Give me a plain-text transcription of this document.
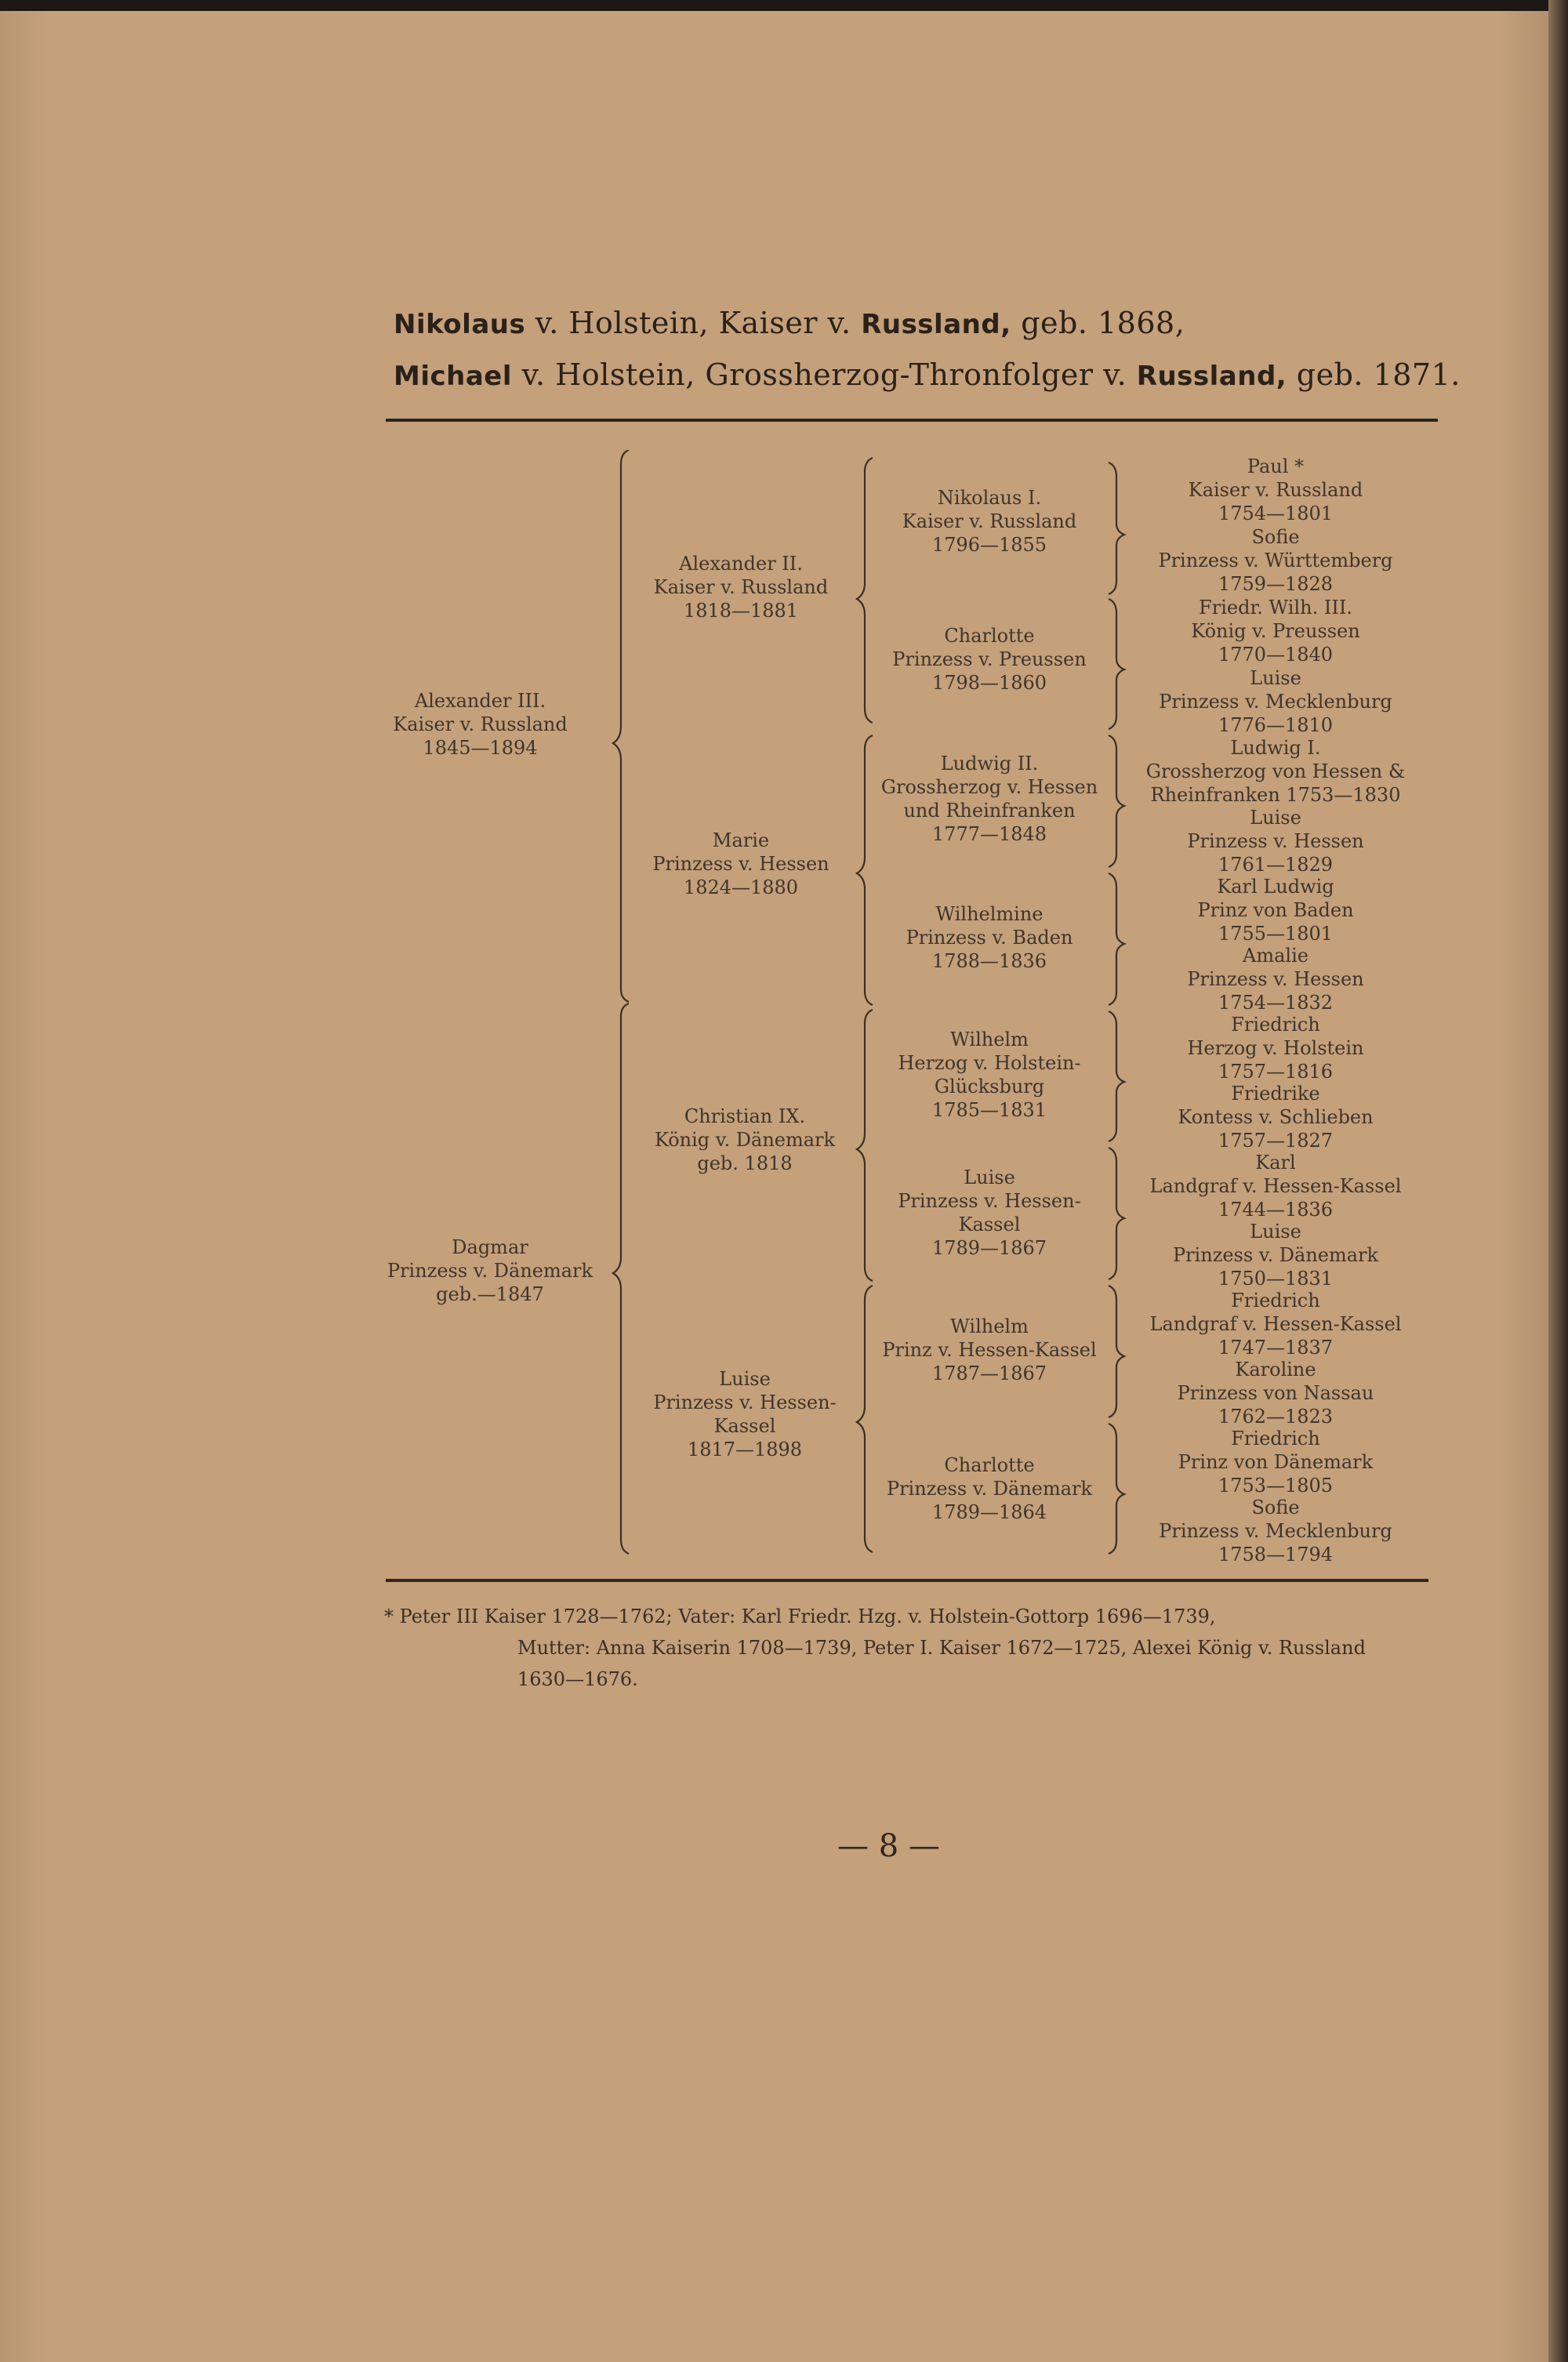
Nikolaus v. Holstein, Kaiser v. Russland, geb. 1868,
Michael v. Holstein, Grossherzog-Thronfolger v. Russland, geb. 1871.
Alexander III.
Kaiser v. Russland
1845—1894
Dagmar
Prinzess v. Dänemark
geb.—1847
Alexander II.
Kaiser v. Russland
1818—1881
Marie
Prinzess v. Hessen
1824—1880
Christian IX.
König v. Dänemark
geb. 1818
Luise
Prinzess v. Hessen-
Kassel
1817—1898
Nikolaus I.
Kaiser v. Russland
1796—1855
Charlotte
Prinzess v. Preussen
1798—1860
Ludwig II.
Grossherzog v. Hessen
und Rheinfranken
1777—1848
Wilhelmine
Prinzess v. Baden
1788—1836
Wilhelm
Herzog v. Holstein-
Glücksburg
1785—1831
Luise
Prinzess v. Hessen-
Kassel
1789—1867
Wilhelm
Prinz v. Hessen-Kassel
1787—1867
Charlotte
Prinzess v. Dänemark
1789—1864
Paul *
Kaiser v. Russland
1754—1801
Sofie
Prinzess v. Württemberg
1759—1828
Friedr. Wilh. III.
König v. Preussen
1770—1840
Luise
Prinzess v. Mecklenburg
1776—1810
Ludwig I.
Grossherzog von Hessen &
Rheinfranken 1753—1830
Luise
Prinzess v. Hessen
1761—1829
Karl Ludwig
Prinz von Baden
1755—1801
Amalie
Prinzess v. Hessen
1754—1832
Friedrich
Herzog v. Holstein
1757—1816
Friedrike
Kontess v. Schlieben
1757—1827
Karl
Landgraf v. Hessen-Kassel
1744—1836
Luise
Prinzess v. Dänemark
1750—1831
Friedrich
Landgraf v. Hessen-Kassel
1747—1837
Karoline
Prinzess von Nassau
1762—1823
Friedrich
Prinz von Dänemark
1753—1805
Sofie
Prinzess v. Mecklenburg
1758—1794
* Peter III Kaiser 1728—1762; Vater: Karl Friedr. Hzg. v. Holstein-Gottorp 1696—1739,
Mutter: Anna Kaiserin 1708—1739, Peter I. Kaiser 1672—1725, Alexei König v. Russland
1630—1676.
— 8 —
